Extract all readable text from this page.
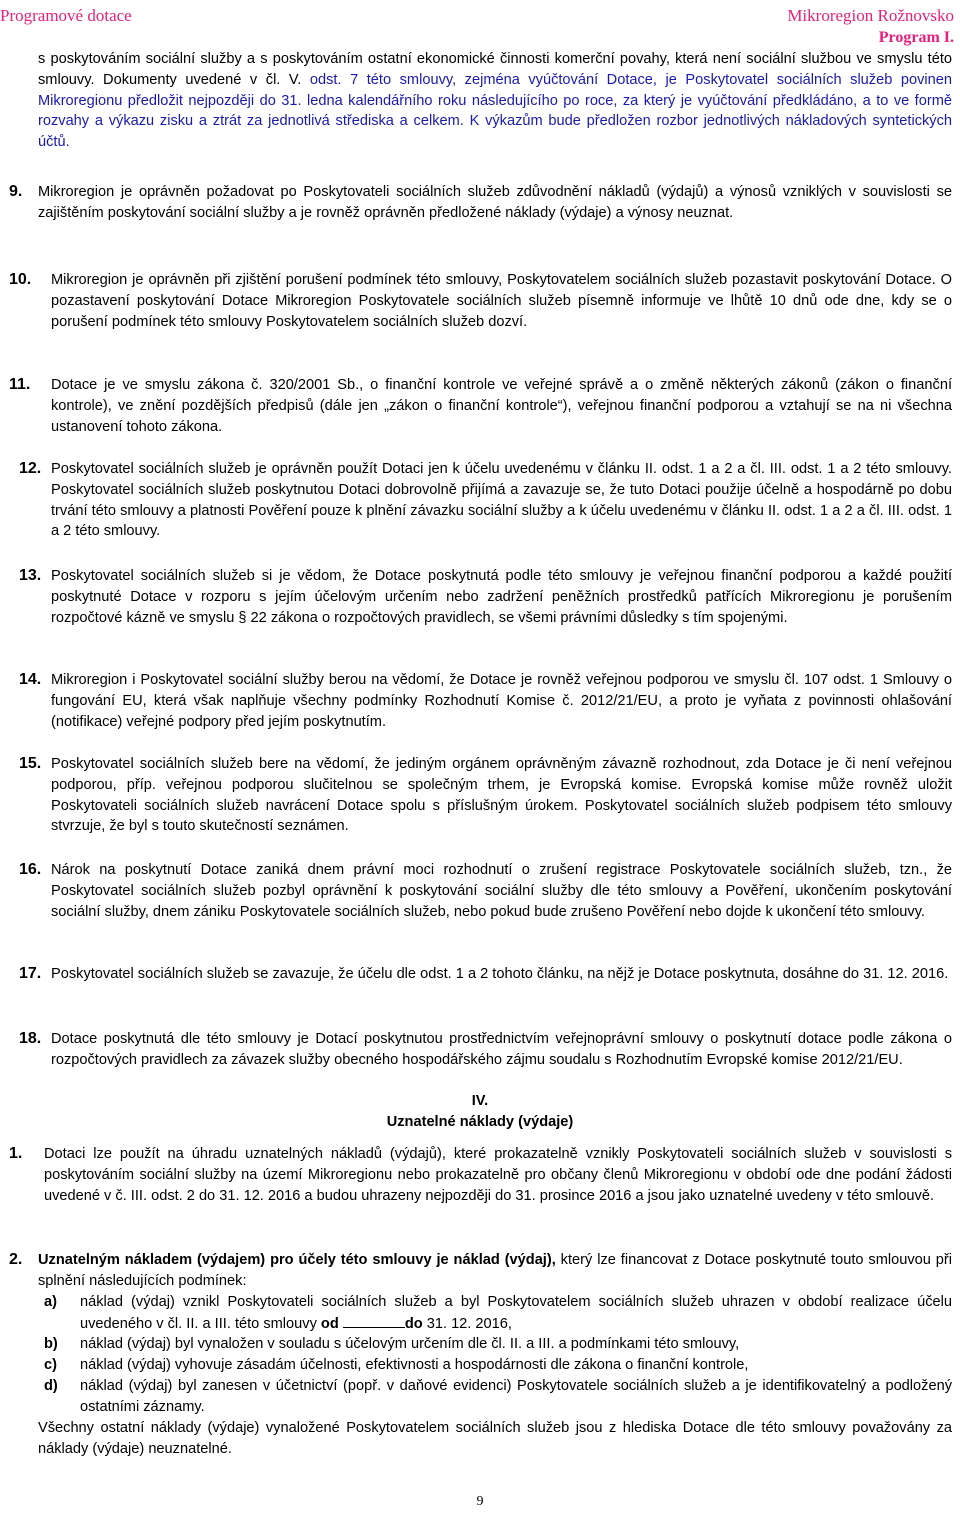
Programové dotace	Mikroregion Rožnovsko
Program I.
s poskytováním sociální služby a s poskytováním ostatní ekonomické činnosti komerční povahy, která není sociální službou ve smyslu této smlouvy. Dokumenty uvedené v čl. V. odst. 7 této smlouvy, zejména vyúčtování Dotace, je Poskytovatel sociálních služeb povinen Mikroregionu předložit nejpozději do 31. ledna kalendářního roku následujícího po roce, za který je vyúčtování předkládáno, a to ve formě rozvahy a výkazu zisku a ztrát za jednotlivá střediska a celkem. K výkazům bude předložen rozbor jednotlivých nákladových syntetických účtů.
9. Mikroregion je oprávněn požadovat po Poskytovateli sociálních služeb zdůvodnění nákladů (výdajů) a výnosů vzniklých v souvislosti se zajištěním poskytování sociální služby a je rovněž oprávněn předložené náklady (výdaje) a výnosy neuznat.
10. Mikroregion je oprávněn při zjištění porušení podmínek této smlouvy, Poskytovatelem sociálních služeb pozastavit poskytování Dotace. O pozastavení poskytování Dotace Mikroregion Poskytovatele sociálních služeb písemně informuje ve lhůtě 10 dnů ode dne, kdy se o porušení podmínek této smlouvy Poskytovatelem sociálních služeb dozví.
11. Dotace je ve smyslu zákona č. 320/2001 Sb., o finanční kontrole ve veřejné správě a o změně některých zákonů (zákon o finanční kontrole), ve znění pozdějších předpisů (dále jen „zákon o finanční kontrole“), veřejnou finanční podporou a vztahují se na ni všechna ustanovení tohoto zákona.
12. Poskytovatel sociálních služeb je oprávněn použít Dotaci jen k účelu uvedenému v článku II. odst. 1 a 2 a čl. III. odst. 1 a 2 této smlouvy. Poskytovatel sociálních služeb poskytnutou Dotaci dobrovolně přijímá a zavazuje se, že tuto Dotaci použije účelně a hospodárně po dobu trvání této smlouvy a platnosti Pověření pouze k plnění závazku sociální služby a k účelu uvedenému v článku II. odst. 1 a 2 a čl. III. odst. 1 a 2 této smlouvy.
13. Poskytovatel sociálních služeb si je vědom, že Dotace poskytnutá podle této smlouvy je veřejnou finanční podporou a každé použití poskytnuté Dotace v rozporu s jejím účelovým určením nebo zadržení peněžních prostředků patřících Mikroregionu je porušením rozpočtové kázně ve smyslu § 22 zákona o rozpočtových pravidlech, se všemi právními důsledky s tím spojenými.
14. Mikroregion i Poskytovatel sociální služby berou na vědomí, že Dotace je rovněž veřejnou podporou ve smyslu čl. 107 odst. 1 Smlouvy o fungování EU, která však naplňuje všechny podmínky Rozhodnutí Komise č. 2012/21/EU, a proto je vyňata z povinnosti ohlašování (notifikace) veřejné podpory před jejím poskytnutím.
15. Poskytovatel sociálních služeb bere na vědomí, že jediným orgánem oprávněným závazně rozhodnout, zda Dotace je či není veřejnou podporou, příp. veřejnou podporou slučitelnou se společným trhem, je Evropská komise. Evropská komise může rovněž uložit Poskytovateli sociálních služeb navrácení Dotace spolu s příslušným úrokem. Poskytovatel sociálních služeb podpisem této smlouvy stvrzuje, že byl s touto skutečností seznámen.
16. Nárok na poskytnutí Dotace zaniká dnem právní moci rozhodnutí o zrušení registrace Poskytovatele sociálních služeb, tzn., že Poskytovatel sociálních služeb pozbyl oprávnění k poskytování sociální služby dle této smlouvy a Pověření, ukončením poskytování sociální služby, dnem zániku Poskytovatele sociálních služeb, nebo pokud bude zrušeno Pověření nebo dojde k ukončení této smlouvy.
17. Poskytovatel sociálních služeb se zavazuje, že účelu dle odst. 1 a 2 tohoto článku, na nějž je Dotace poskytnuta, dosáhne do 31. 12. 2016.
18. Dotace poskytnutá dle této smlouvy je Dotací poskytnutou prostřednictvím veřejnoprávní smlouvy o poskytnutí dotace podle zákona o rozpočtových pravidlech za závazek služby obecného hospodářského zájmu soudalu s Rozhodnutím Evropské komise 2012/21/EU.
IV.
Uznatelné náklady (výdaje)
1. Dotaci lze použít na úhradu uznatelných nákladů (výdajů), které prokazatelně vznikly Poskytovateli sociálních služeb v souvislosti s poskytováním sociální služby na území Mikroregionu nebo prokazatelně pro občany členů Mikroregionu v období ode dne podání žádosti uvedené v č. III. odst. 2 do 31. 12. 2016 a budou uhrazeny nejpozději do 31. prosince 2016 a jsou jako uznatelné uvedeny v této smlouvě.
2. Uznatelným nákladem (výdajem) pro účely této smlouvy je náklad (výdaj), který lze financovat z Dotace poskytnuté touto smlouvou při splnění následujících podmínek:
a) náklad (výdaj) vznikl Poskytovateli sociálních služeb a byl Poskytovatelem sociálních služeb uhrazen v období realizace účelu uvedeného v čl. II. a III. této smlouvy od	do 31. 12. 2016,
b) náklad (výdaj) byl vynaložen v souladu s účelovým určením dle čl. II. a III. a podmínkami této smlouvy,
c) náklad (výdaj) vyhovuje zásadám účelnosti, efektivnosti a hospodárnosti dle zákona o finanční kontrole,
d) náklad (výdaj) byl zanesen v účetnictví (popř. v daňové evidenci) Poskytovatele sociálních služeb a je identifikovatelný a podložený ostatními záznamy.
Všechny ostatní náklady (výdaje) vynaložené Poskytovatelem sociálních služeb jsou z hlediska Dotace dle této smlouvy považovány za náklady (výdaje) neuznatelné.
9
